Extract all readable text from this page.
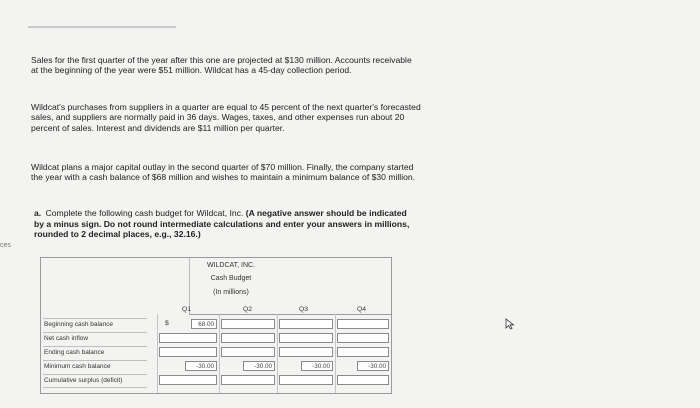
ces

Sales for the first quarter of the year after this one are projected at $130 million. Accounts receivable at the beginning of the year were $51 million. Wildcat has a 45-day collection period.

Wildcat's purchases from suppliers in a quarter are equal to 45 percent of the next quarter's forecasted sales, and suppliers are normally paid in 36 days. Wages, taxes, and other expenses run about 20 percent of sales. Interest and dividends are $11 million per quarter.

Wildcat plans a major capital outlay in the second quarter of $70 million. Finally, the company started the year with a cash balance of $68 million and wishes to maintain a minimum balance of $30 million.

a. Complete the following cash budget for Wildcat, Inc. (A negative answer should be indicated by a minus sign. Do not round intermediate calculations and enter your answers in millions, rounded to 2 decimal places, e.g., 32.16.)
WILDCAT, INC.
Cash Budget
(In millions)
Q1	Q2	Q3	Q4
$
Beginning cash balance	68.00
Net cash inflow
Ending cash balance
Minimum cash balance	-30.00	-30.00	-30.00	-30.00
Cumulative surplus (deficit)
